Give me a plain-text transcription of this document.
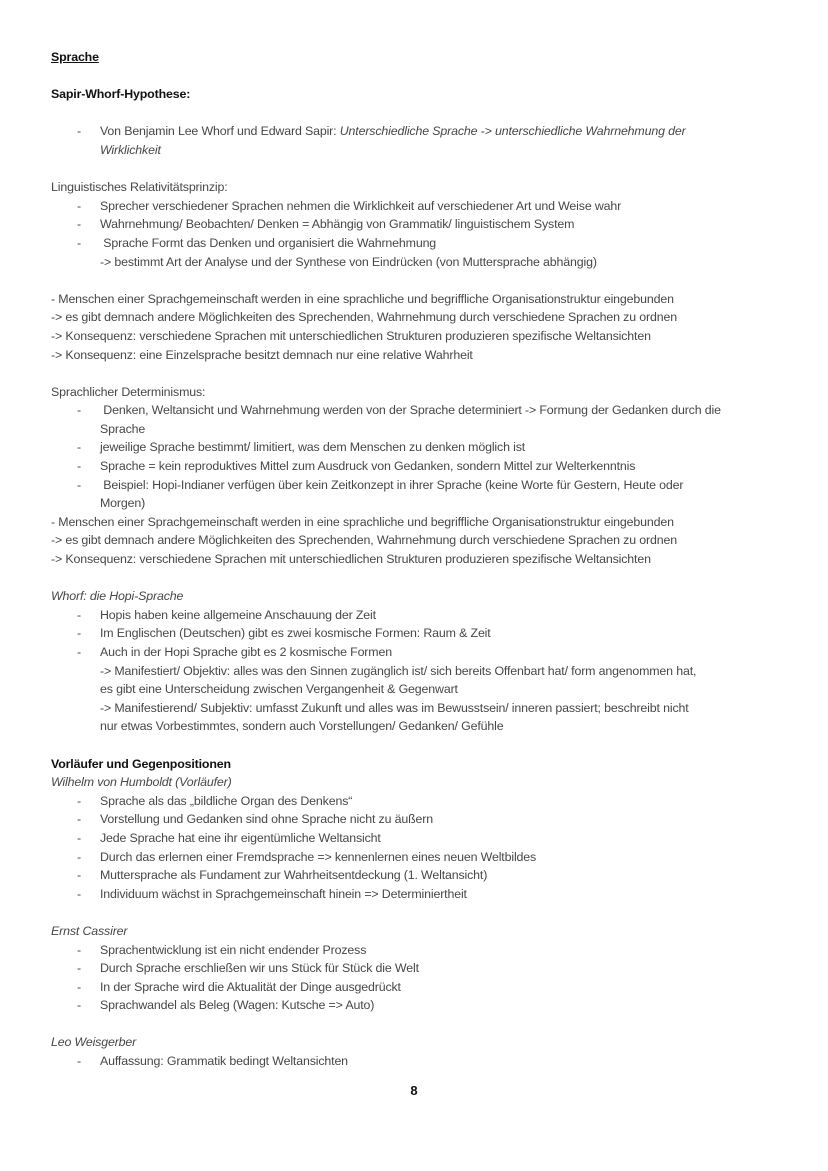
Sprache
Sapir-Whorf-Hypothese:
- Von Benjamin Lee Whorf und Edward Sapir: Unterschiedliche Sprache -> unterschiedliche Wahrnehmung der
Wirklichkeit
Linguistisches Relativitätsprinzip:
- Sprecher verschiedener Sprachen nehmen die Wirklichkeit auf verschiedener Art und Weise wahr
- Wahrnehmung/ Beobachten/ Denken = Abhängig von Grammatik/ linguistischem System
- Sprache Formt das Denken und organisiert die Wahrnehmung
-> bestimmt Art der Analyse und der Synthese von Eindrücken (von Muttersprache abhängig)
- Menschen einer Sprachgemeinschaft werden in eine sprachliche und begriffliche Organisationstruktur eingebunden
-> es gibt demnach andere Möglichkeiten des Sprechenden, Wahrnehmung durch verschiedene Sprachen zu ordnen
-> Konsequenz: verschiedene Sprachen mit unterschiedlichen Strukturen produzieren spezifische Weltansichten
-> Konsequenz: eine Einzelsprache besitzt demnach nur eine relative Wahrheit
Sprachlicher Determinismus:
- Denken, Weltansicht und Wahrnehmung werden von der Sprache determiniert -> Formung der Gedanken durch die
Sprache
- jeweilige Sprache bestimmt/ limitiert, was dem Menschen zu denken möglich ist
- Sprache = kein reproduktives Mittel zum Ausdruck von Gedanken, sondern Mittel zur Welterkenntnis
- Beispiel: Hopi-Indianer verfügen über kein Zeitkonzept in ihrer Sprache (keine Worte für Gestern, Heute oder
Morgen)
- Menschen einer Sprachgemeinschaft werden in eine sprachliche und begriffliche Organisationstruktur eingebunden
-> es gibt demnach andere Möglichkeiten des Sprechenden, Wahrnehmung durch verschiedene Sprachen zu ordnen
-> Konsequenz: verschiedene Sprachen mit unterschiedlichen Strukturen produzieren spezifische Weltansichten
Whorf: die Hopi-Sprache
- Hopis haben keine allgemeine Anschauung der Zeit
- Im Englischen (Deutschen) gibt es zwei kosmische Formen: Raum & Zeit
- Auch in der Hopi Sprache gibt es 2 kosmische Formen
-> Manifestiert/ Objektiv: alles was den Sinnen zugänglich ist/ sich bereits Offenbart hat/ form angenommen hat,
es gibt eine Unterscheidung zwischen Vergangenheit & Gegenwart
-> Manifestierend/ Subjektiv: umfasst Zukunft und alles was im Bewusstsein/ inneren passiert; beschreibt nicht
nur etwas Vorbestimmtes, sondern auch Vorstellungen/ Gedanken/ Gefühle
Vorläufer und Gegenpositionen
Wilhelm von Humboldt (Vorläufer)
- Sprache als das „bildliche Organ des Denkens“
- Vorstellung und Gedanken sind ohne Sprache nicht zu äußern
- Jede Sprache hat eine ihr eigentümliche Weltansicht
- Durch das erlernen einer Fremdsprache => kennenlernen eines neuen Weltbildes
- Muttersprache als Fundament zur Wahrheitsentdeckung (1. Weltansicht)
- Individuum wächst in Sprachgemeinschaft hinein => Determiniertheit
Ernst Cassirer
- Sprachentwicklung ist ein nicht endender Prozess
- Durch Sprache erschließen wir uns Stück für Stück die Welt
- In der Sprache wird die Aktualität der Dinge ausgedrückt
- Sprachwandel als Beleg (Wagen: Kutsche => Auto)
Leo Weisgerber
- Auffassung: Grammatik bedingt Weltansichten
8
